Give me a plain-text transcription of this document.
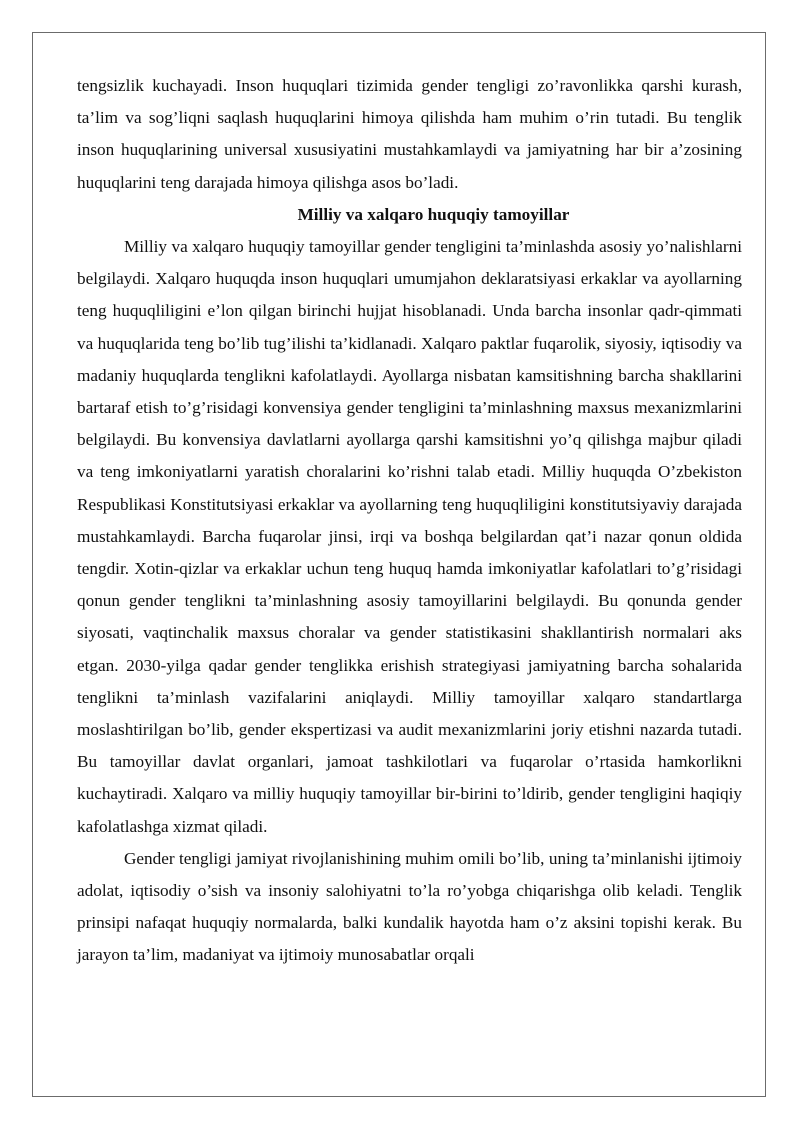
tengsizlik kuchayadi. Inson huquqlari tizimida gender tengligi zo’ravonlikka qarshi kurash, ta’lim va sog’liqni saqlash huquqlarini himoya qilishda ham muhim o’rin tutadi. Bu tenglik inson huquqlarining universal xususiyatini mustahkamlaydi va jamiyatning har bir a’zosining huquqlarini teng darajada himoya qilishga asos bo’ladi.

Milliy va xalqaro huquqiy tamoyillar

Milliy va xalqaro huquqiy tamoyillar gender tengligini ta’minlashda asosiy yo’nalishlarni belgilaydi. Xalqaro huquqda inson huquqlari umumjahon deklaratsiyasi erkaklar va ayollarning teng huquqliligini e’lon qilgan birinchi hujjat hisoblanadi. Unda barcha insonlar qadr-qimmati va huquqlarida teng bo’lib tug’ilishi ta’kidlanadi. Xalqaro paktlar fuqarolik, siyosiy, iqtisodiy va madaniy huquqlarda tenglikni kafolatlaydi. Ayollarga nisbatan kamsitishning barcha shakllarini bartaraf etish to’g’risidagi konvensiya gender tengligini ta’minlashning maxsus mexanizmlarini belgilaydi. Bu konvensiya davlatlarni ayollarga qarshi kamsitishni yo’q qilishga majbur qiladi va teng imkoniyatlarni yaratish choralarini ko’rishni talab etadi. Milliy huquqda O’zbekiston Respublikasi Konstitutsiyasi erkaklar va ayollarning teng huquqliligini konstitutsiyaviy darajada mustahkamlaydi. Barcha fuqarolar jinsi, irqi va boshqa belgilardan qat’i nazar qonun oldida tengdir. Xotin-qizlar va erkaklar uchun teng huquq hamda imkoniyatlar kafolatlari to’g’risidagi qonun gender tenglikni ta’minlashning asosiy tamoyillarini belgilaydi. Bu qonunda gender siyosati, vaqtinchalik maxsus choralar va gender statistikasini shakllantirish normalari aks etgan. 2030-yilga qadar gender tenglikka erishish strategiyasi jamiyatning barcha sohalarida tenglikni ta’minlash vazifalarini aniqlaydi. Milliy tamoyillar xalqaro standartlarga moslashtirilgan bo’lib, gender ekspertizasi va audit mexanizmlarini joriy etishni nazarda tutadi. Bu tamoyillar davlat organlari, jamoat tashkilotlari va fuqarolar o’rtasida hamkorlikni kuchaytiradi. Xalqaro va milliy huquqiy tamoyillar bir-birini to’ldirib, gender tengligini haqiqiy kafolatlashga xizmat qiladi.

Gender tengligi jamiyat rivojlanishining muhim omili bo’lib, uning ta’minlanishi ijtimoiy adolat, iqtisodiy o’sish va insoniy salohiyatni to’la ro’yobga chiqarishga olib keladi. Tenglik prinsipi nafaqat huquqiy normalarda, balki kundalik hayotda ham o’z aksini topishi kerak. Bu jarayon ta’lim, madaniyat va ijtimoiy munosabatlar orqali
